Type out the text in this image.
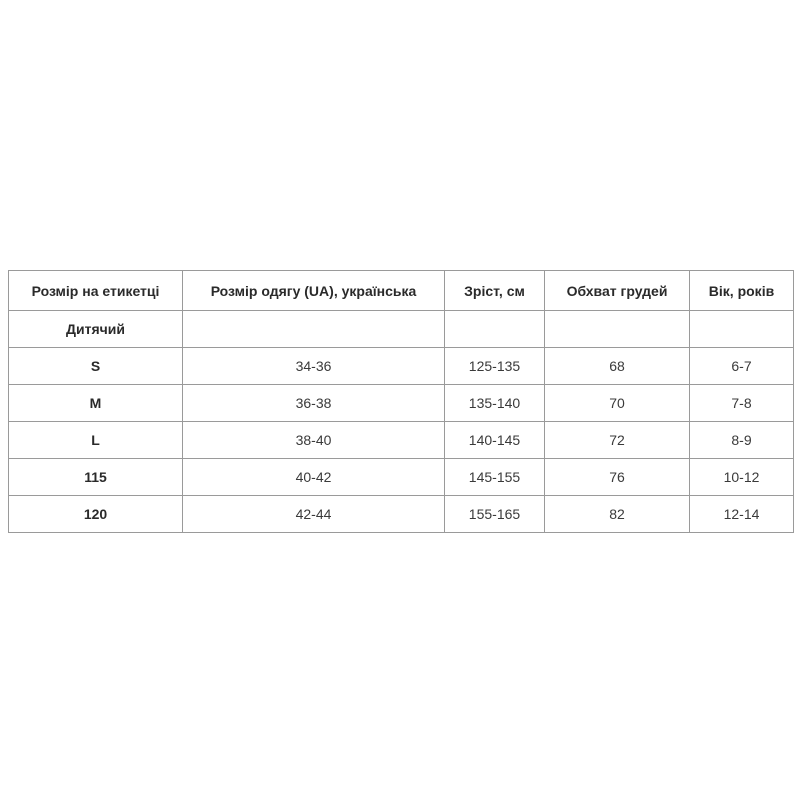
Розмір на етикетці	Розмір одягу (UA), українська	Зріст, см	Обхват грудей	Вік, років
Дитячий				
S	34-36	125-135	68	6-7
M	36-38	135-140	70	7-8
L	38-40	140-145	72	8-9
115	40-42	145-155	76	10-12
120	42-44	155-165	82	12-14
